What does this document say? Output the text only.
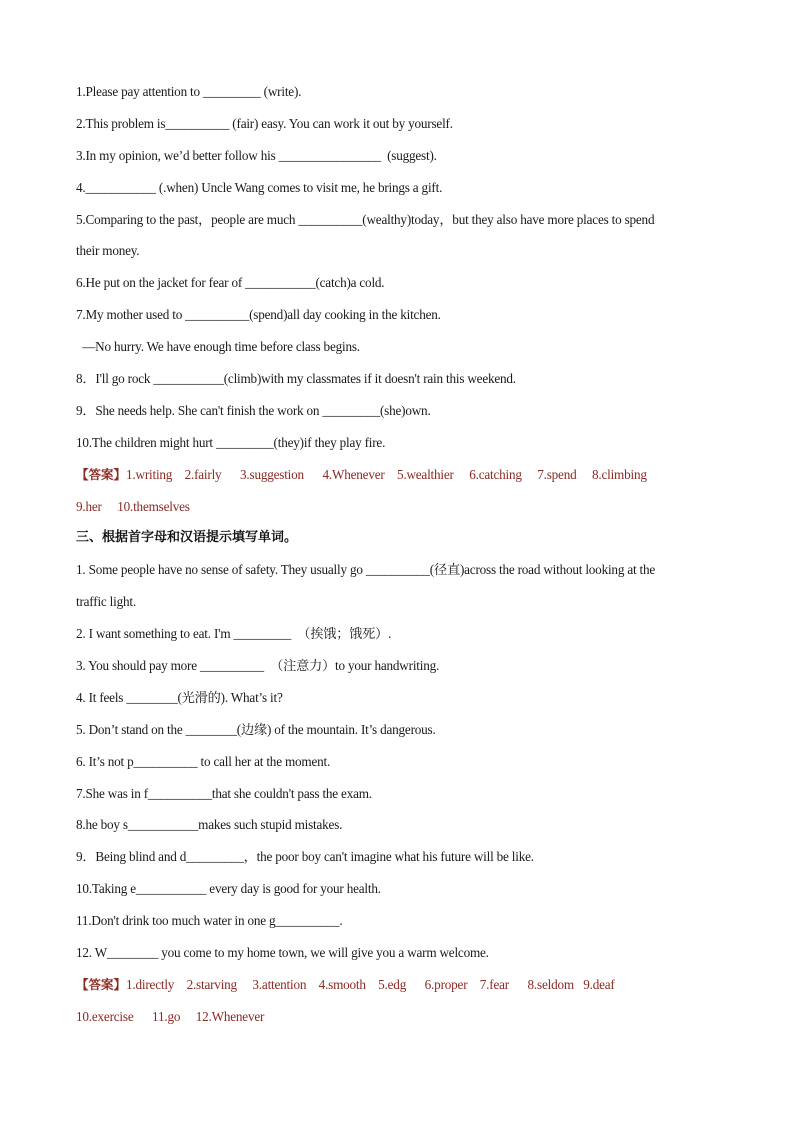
1.Please pay attention to _________ (write).
2.This problem is__________ (fair) easy. You can work it out by yourself.
3.In my opinion, we’d better follow his ________________  (suggest).
4.___________ (.when) Uncle Wang comes to visit me, he brings a gift.
5.Comparing to the past，people are much __________(wealthy)today，but they also have more places to spend
their money.
6.He put on the jacket for fear of ___________(catch)a cold.
7.My mother used to __________(spend)all day cooking in the kitchen.
—No hurry. We have enough time before class begins.
8．I'll go rock ___________(climb)with my classmates if it doesn't rain this weekend.
9．She needs help. She can't finish the work on _________(she)own.
10.The children might hurt _________(they)if they play fire.
【答案】1.writing    2.fairly      3.suggestion      4.Whenever    5.wealthier     6.catching     7.spend     8.climbing
9.her     10.themselves
三、根据首字母和汉语提示填写单词。
1. Some people have no sense of safety. They usually go __________(径直)across the road without looking at the
traffic light.
2. I want something to eat. I'm _________  （挨饿；饿死）.
3. You should pay more __________  （注意力）to your handwriting.
4. It feels ________(光滑的). What’s it?
5. Don’t stand on the ________(边缘) of the mountain. It’s dangerous.
6. It’s not p__________ to call her at the moment.
7.She was in f__________that she couldn't pass the exam.
8.he boy s___________makes such stupid mistakes.
9．Being blind and d_________，the poor boy can't imagine what his future will be like.
10.Taking e___________ every day is good for your health.
11.Don't drink too much water in one g__________.
12. W________ you come to my home town, we will give you a warm welcome.
【答案】1.directly    2.starving     3.attention    4.smooth    5.edg      6.proper    7.fear      8.seldom   9.deaf
10.exercise      11.go     12.Whenever
